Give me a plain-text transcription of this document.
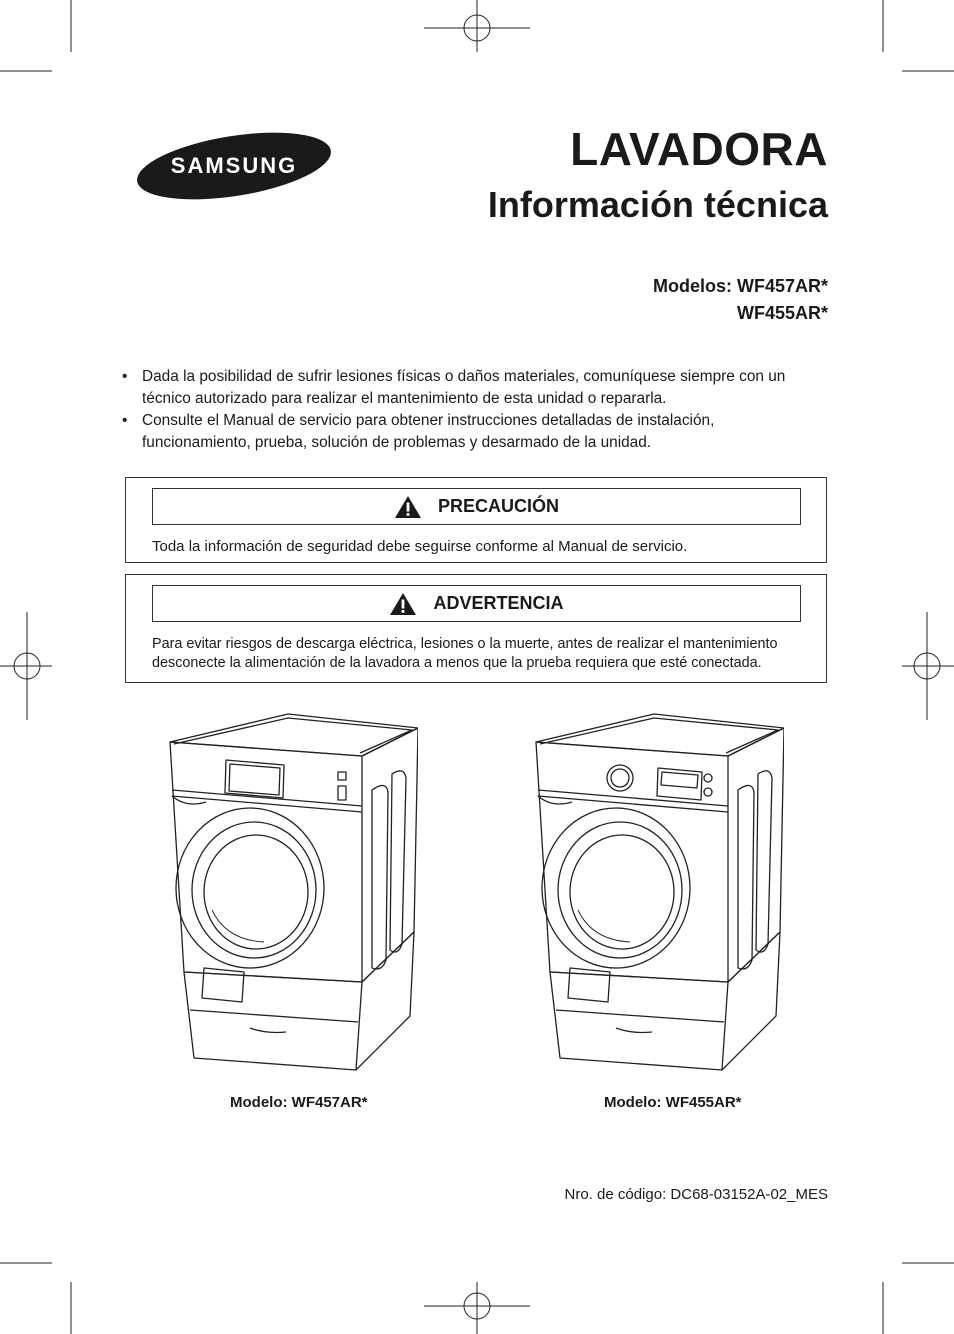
SAMSUNG	LAVADORA
Información técnica
Modelos: WF457AR*
WF455AR*
• Dada la posibilidad de sufrir lesiones físicas o daños materiales, comuníquese siempre con un técnico autorizado para realizar el mantenimiento de esta unidad o repararla.
• Consulte el Manual de servicio para obtener instrucciones detalladas de instalación, funcionamiento, prueba, solución de problemas y desarmado de la unidad.
PRECAUCIÓN
Toda la información de seguridad debe seguirse conforme al Manual de servicio.
ADVERTENCIA
Para evitar riesgos de descarga eléctrica, lesiones o la muerte, antes de realizar el mantenimiento desconecte la alimentación de la lavadora a menos que la prueba requiera que esté conectada.
Modelo: WF457AR*	Modelo: WF455AR*
Nro. de código: DC68-03152A-02_MES
